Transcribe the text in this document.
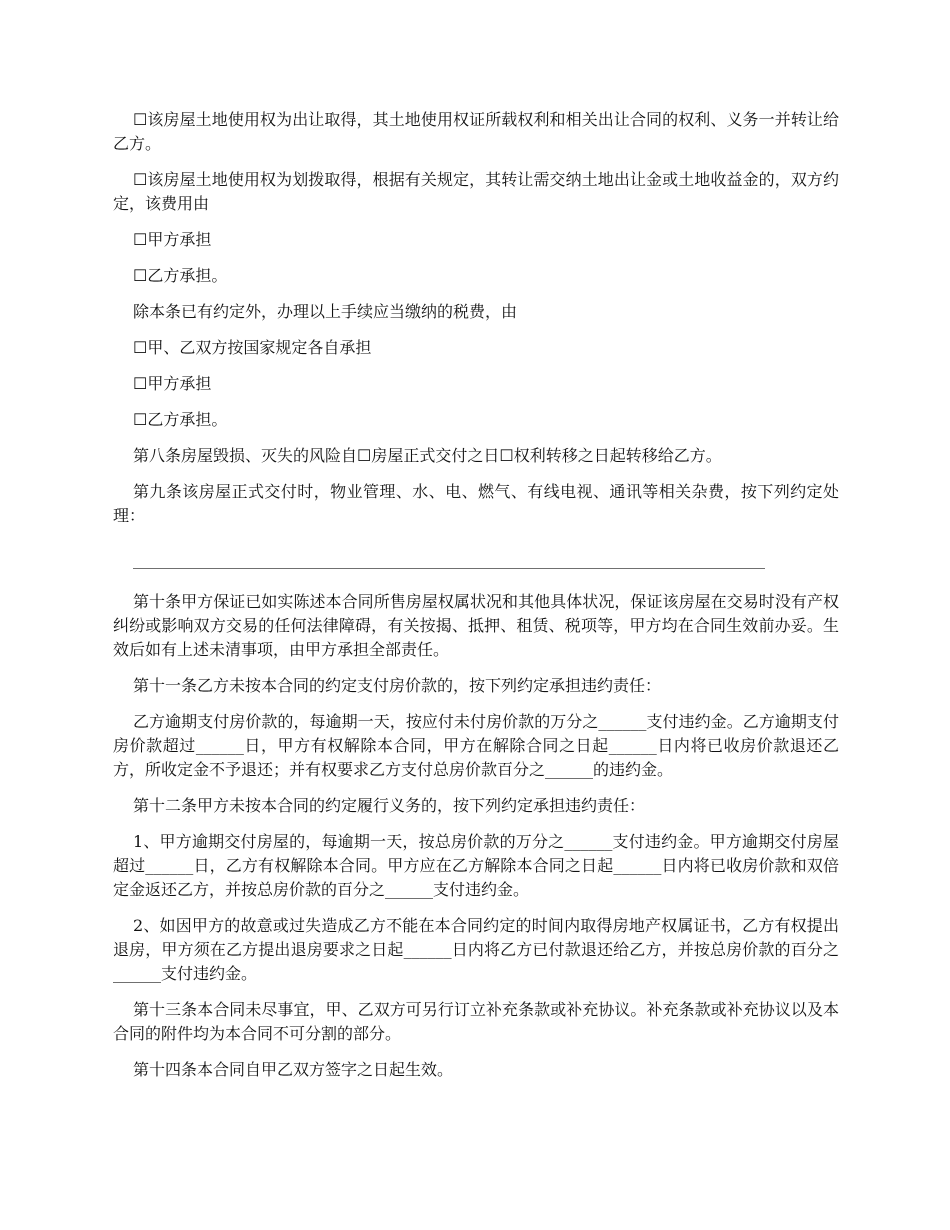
☐该房屋土地使用权为出让取得，其土地使用权证所载权利和相关出让合同的权利、义务一并转让给乙方。

☐该房屋土地使用权为划拨取得，根据有关规定，其转让需交纳土地出让金或土地收益金的，双方约定，该费用由

☐甲方承担

☐乙方承担。

除本条已有约定外，办理以上手续应当缴纳的税费，由

☐甲、乙双方按国家规定各自承担

☐甲方承担

☐乙方承担。

第八条房屋毁损、灭失的风险自☐房屋正式交付之日☐权利转移之日起转移给乙方。

第九条该房屋正式交付时，物业管理、水、电、燃气、有线电视、通讯等相关杂费，按下列约定处理：

_______________________________________________________________________________

第十条甲方保证已如实陈述本合同所售房屋权属状况和其他具体状况，保证该房屋在交易时没有产权纠纷或影响双方交易的任何法律障碍，有关按揭、抵押、租赁、税项等，甲方均在合同生效前办妥。生效后如有上述未清事项，由甲方承担全部责任。

第十一条乙方未按本合同的约定支付房价款的，按下列约定承担违约责任：

乙方逾期支付房价款的，每逾期一天，按应付未付房价款的万分之______支付违约金。乙方逾期支付房价款超过______日，甲方有权解除本合同，甲方在解除合同之日起______日内将已收房价款退还乙方，所收定金不予退还；并有权要求乙方支付总房价款百分之______的违约金。

第十二条甲方未按本合同的约定履行义务的，按下列约定承担违约责任：

1、甲方逾期交付房屋的，每逾期一天，按总房价款的万分之______支付违约金。甲方逾期交付房屋超过______日，乙方有权解除本合同。甲方应在乙方解除本合同之日起______日内将已收房价款和双倍定金返还乙方，并按总房价款的百分之______支付违约金。

2、如因甲方的故意或过失造成乙方不能在本合同约定的时间内取得房地产权属证书，乙方有权提出退房，甲方须在乙方提出退房要求之日起______日内将乙方已付款退还给乙方，并按总房价款的百分之______支付违约金。

第十三条本合同未尽事宜，甲、乙双方可另行订立补充条款或补充协议。补充条款或补充协议以及本合同的附件均为本合同不可分割的部分。

第十四条本合同自甲乙双方签字之日起生效。
